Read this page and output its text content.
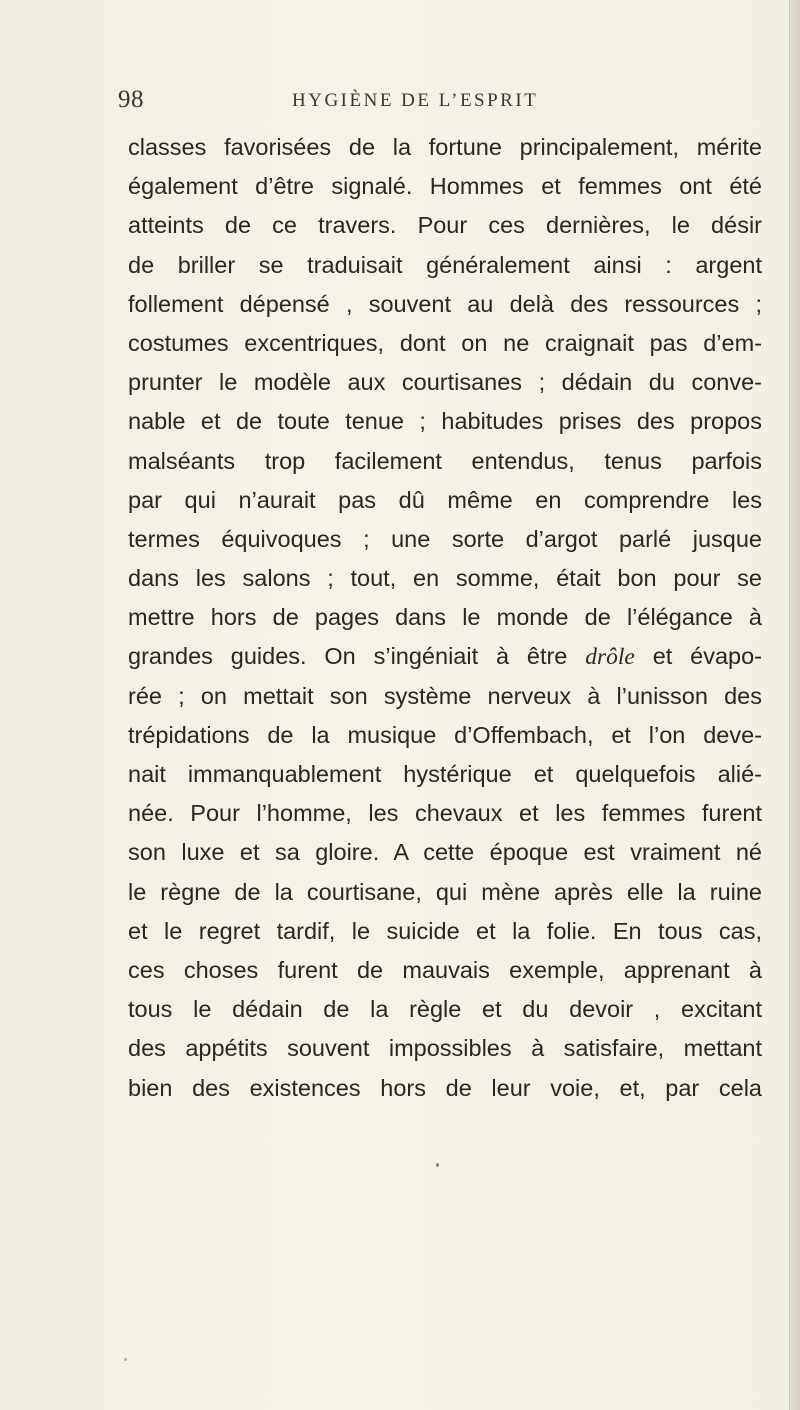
98	HYGIÈNE DE L’ESPRIT
classes favorisées de la fortune principalement, mérite
également d’être signalé. Hommes et femmes ont été
atteints de ce travers. Pour ces dernières, le désir
de briller se traduisait généralement ainsi : argent
follement dépensé , souvent au delà des ressources ;
costumes excentriques, dont on ne craignait pas d’em-
prunter le modèle aux courtisanes ; dédain du conve-
nable et de toute tenue ; habitudes prises des propos
malséants trop facilement entendus, tenus parfois
par qui n’aurait pas dû même en comprendre les
termes équivoques ; une sorte d’argot parlé jusque
dans les salons ; tout, en somme, était bon pour se
mettre hors de pages dans le monde de l’élégance à
grandes guides. On s’ingéniait à être drôle et évapo-
rée ; on mettait son système nerveux à l’unisson des
trépidations de la musique d’Offembach, et l’on deve-
nait immanquablement hystérique et quelquefois alié-
née. Pour l’homme, les chevaux et les femmes furent
son luxe et sa gloire. A cette époque est vraiment né
le règne de la courtisane, qui mène après elle la ruine
et le regret tardif, le suicide et la folie. En tous cas,
ces choses furent de mauvais exemple, apprenant à
tous le dédain de la règle et du devoir , excitant
des appétits souvent impossibles à satisfaire, mettant
bien des existences hors de leur voie, et, par cela
